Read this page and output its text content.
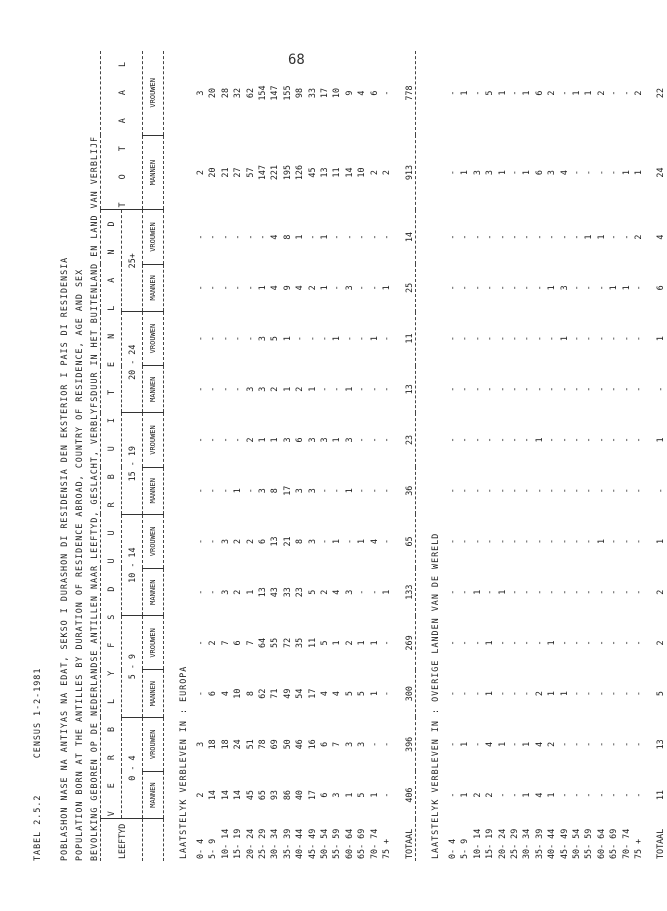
68
TABEL 2.5.2      CENSUS 1-2-1981	POBLASHON NASE NA ANTIYAS NA EDAT, SEKSO I DURASHON DI RESIDENSIA DEN EKSTERIOR I PAIS DI RESIDENSIA POPULATION BORN AT THE ANTILLES BY DURATION OF RESIDENCE ABROAD, COUNTRY OF RESIDENCE, AGE AND SEX BEVOLKING GEBOREN OP DE NEDERLANDSE ANTILLEN NAAR LEEFTYD, GESLACHT, VERBLYFSDUUR IN HET BUITENLAND EN LAND VAN VERBLIJF	LEEFTYD	V E R B L Y F S D U U R B U I T E N L A N D												T O T A A L	
	0 - 4		5 - 9		10 - 14		15 - 19		20 - 24		25+			
	MANNEN	VROUWEN	MANNEN	VROUWEN	MANNEN	VROUWEN	MANNEN	VROUWEN	MANNEN	VROUWEN	MANNEN	VROUWEN	MANNEN	VROUWEN
LAATSTELYK VERBLEVEN IN : EUROPA														
0- 4	2	3	-	-	-	-	-	-	-	-	-	-	2	3
5- 9	14	18	6	2	-	-	-	-	-	-	-	-	20	20
10- 14	14	18	4	7	3	3	-	-	-	-	-	-	21	28
15- 19	14	24	10	6	2	2	1	-	-	-	-	-	27	32
20- 24	45	51	8	7	1	2	-	2	3	-	-	-	57	62
25- 29	65	78	62	64	13	6	3	1	3	3	1	-	147	154
30- 34	93	69	71	55	43	13	8	1	2	5	4	4	221	147
35- 39	86	50	49	72	33	21	17	3	1	1	9	8	195	155
40- 44	40	46	54	35	23	8	3	6	2	-	4	1	126	98
45- 49	17	16	17	11	5	3	3	3	1	-	2	-	45	33
50- 54	6	6	4	5	2	-	-	3	-	-	1	1	13	17
55- 59	3	7	4	1	4	1	-	1	-	1	-	-	11	10
60- 64	1	3	5	2	3	-	1	3	1	-	3	-	14	9
65- 69	5	3	5	1	-	1	-	-	-	-	-	-	10	4
70- 74	1	-	1	1	-	4	-	-	-	1	-	-	2	6
75 +	-	-	-	-	1	-	-	-	-	-	1	-	2	-
TOTAAL	406	396	300	269	133	65	36	23	13	11	25	14	913	778
LAATSTELYK VERBLEVEN IN : OVERIGE LANDEN VAN DE WERELD														
0- 4	-	-	-	-	-	-	-	-	-	-	-	-	-	-
5- 9	1	1	-	-	-	-	-	-	-	-	-	-	1	1
10- 14	2	-	-	-	1	-	-	-	-	-	-	-	3	-
15- 19	2	4	1	1	-	-	-	-	-	-	-	-	3	5
20- 24	-	1	-	-	1	-	-	-	-	-	-	-	1	1
25- 29	-	-	-	-	-	-	-	-	-	-	-	-	-	-
30- 34	1	1	-	-	-	-	-	-	-	-	-	-	1	1
35- 39	4	4	2	-	-	-	-	1	-	-	-	-	6	6
40- 44	1	2	1	1	-	-	-	-	-	-	1	-	3	2
45- 49	-	-	1	-	-	-	-	-	-	1	3	-	4	-
50- 54	-	-	-	-	-	-	-	-	-	-	-	-	-	1
55- 59	-	-	-	-	-	-	-	-	-	-	-	1	-	1
60- 64	-	-	-	-	-	1	-	-	-	-	-	1	-	2
65- 69	-	-	-	-	-	-	-	-	-	-	1	-	-	-
70- 74	-	-	-	-	-	-	-	-	-	-	1	-	1	-
75 +	-	-	-	-	-	-	-	-	-	-	-	2	1	2
TOTAAL	11	13	5	2	2	1	-	1	-	1	6	4	24	22
